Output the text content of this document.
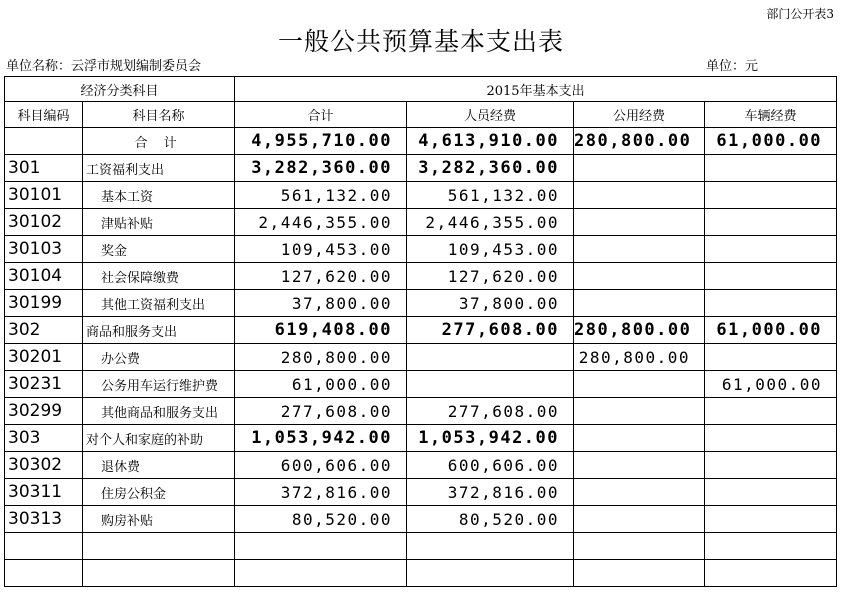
部门公开表3
一般公共预算基本支出表
单位名称：云浮市规划编制委员会	单位：元
经济分类科目		2015年基本支出			
科目编码	科目名称	合计	人员经费	公用经费	车辆经费
	合 计	4,955,710.00	4,613,910.00	280,800.00	61,000.00
301	工资福利支出	3,282,360.00	3,282,360.00		
30101	基本工资	561,132.00	561,132.00		
30102	津贴补贴	2,446,355.00	2,446,355.00		
30103	奖金	109,453.00	109,453.00		
30104	社会保障缴费	127,620.00	127,620.00		
30199	其他工资福利支出	37,800.00	37,800.00		
302	商品和服务支出	619,408.00	277,608.00	280,800.00	61,000.00
30201	办公费	280,800.00		280,800.00	
30231	公务用车运行维护费	61,000.00			61,000.00
30299	其他商品和服务支出	277,608.00	277,608.00		
303	对个人和家庭的补助	1,053,942.00	1,053,942.00		
30302	退休费	600,606.00	600,606.00		
30311	住房公积金	372,816.00	372,816.00		
30313	购房补贴	80,520.00	80,520.00		
